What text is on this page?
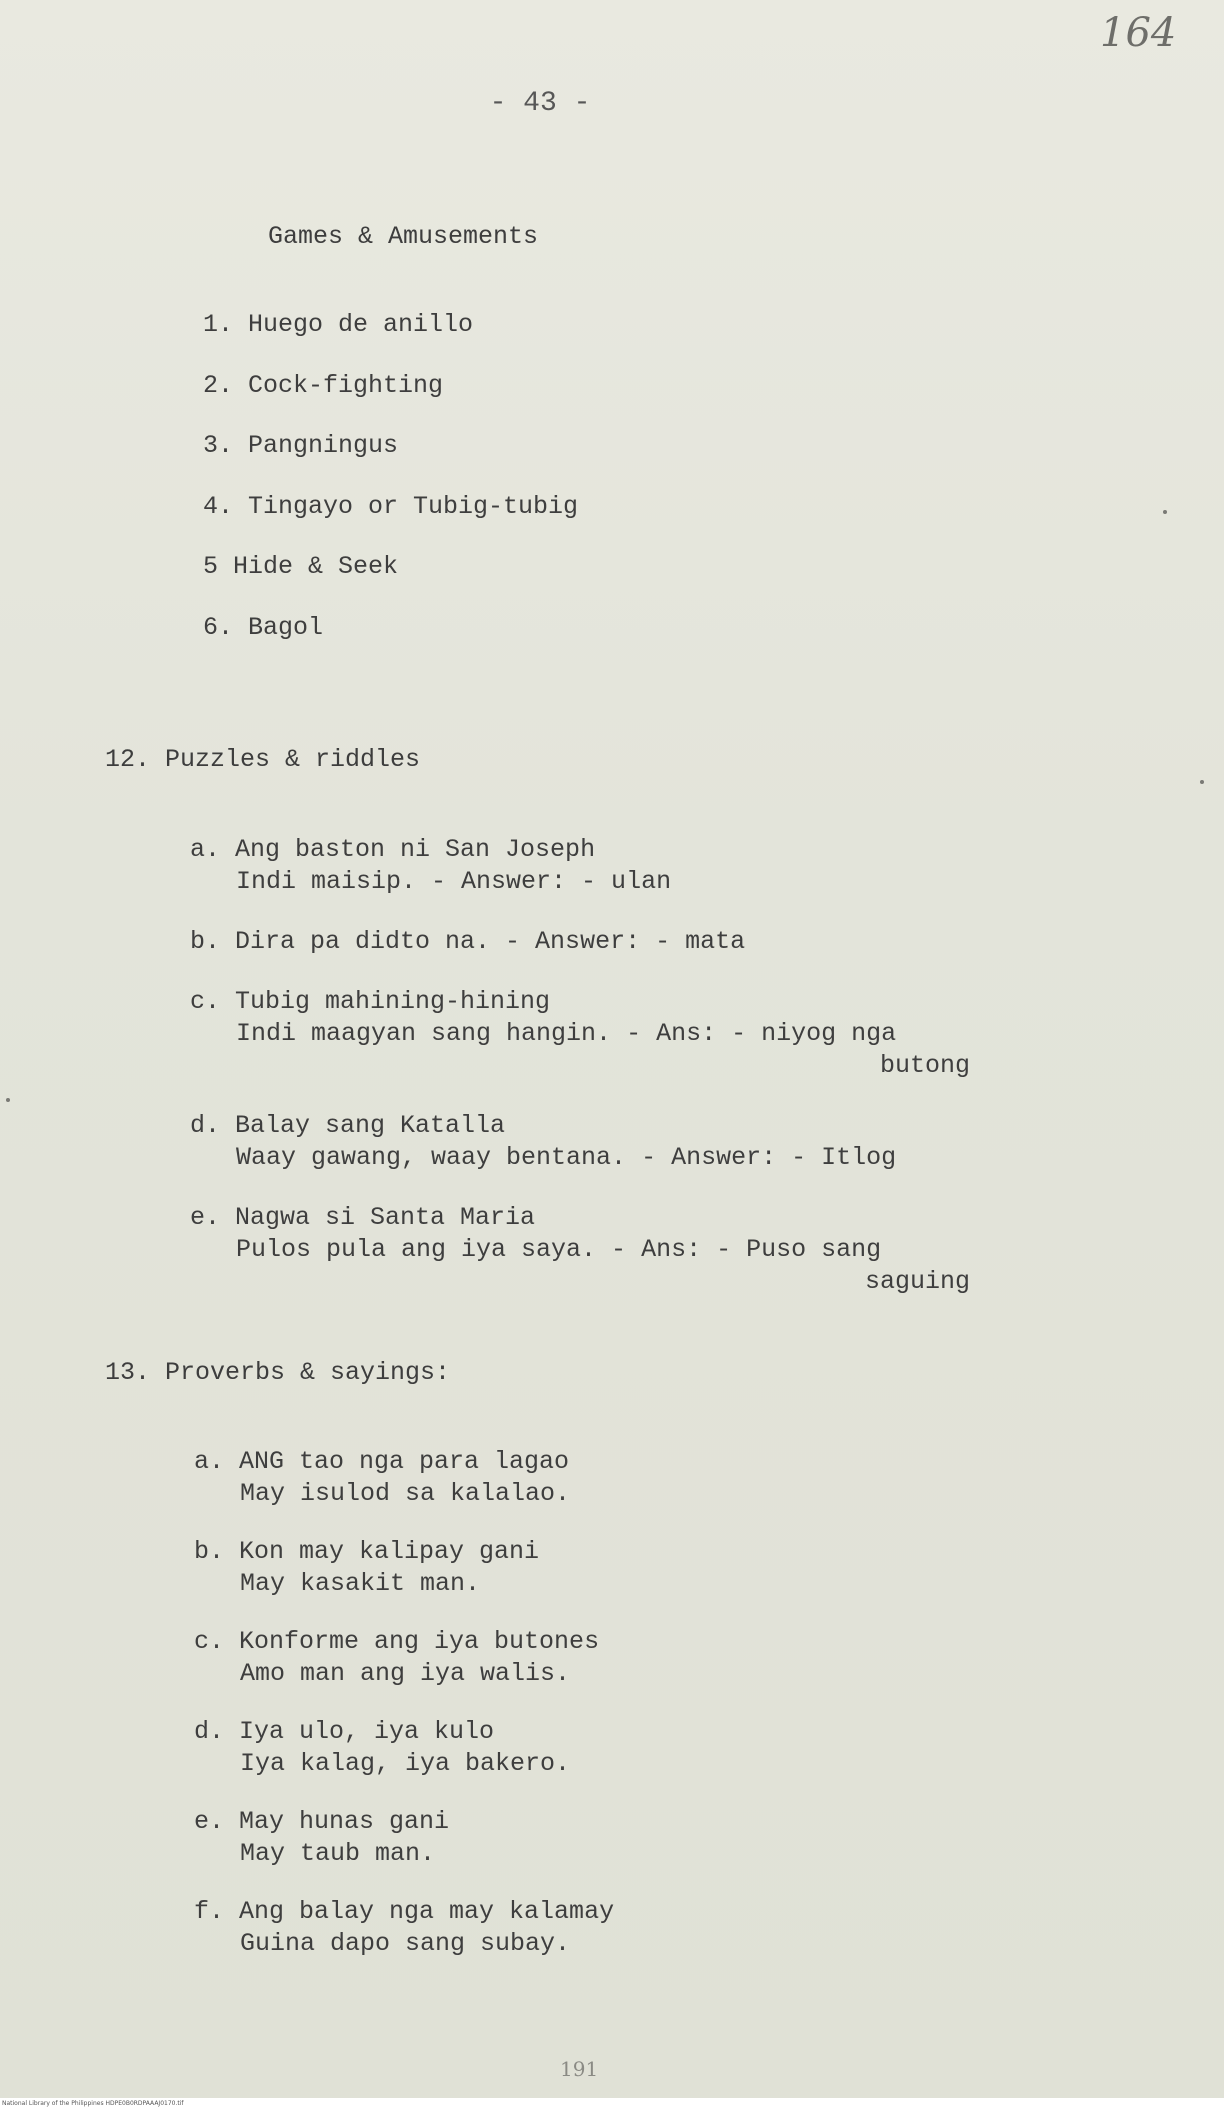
164
- 43 -
Games & Amusements
1. Huego de anillo
2. Cock-fighting
3. Pangningus
4. Tingayo or Tubig-tubig
5 Hide & Seek
6. Bagol
12. Puzzles & riddles
a. Ang baston ni San Joseph
Indi maisip. - Answer: - ulan
b. Dira pa didto na. - Answer: - mata
c. Tubig mahining-hining
Indi maagyan sang hangin. - Ans: - niyog nga
butong
d. Balay sang Katalla
Waay gawang, waay bentana. - Answer: - Itlog
e. Nagwa si Santa Maria
Pulos pula ang iya saya. - Ans: - Puso sang
saguing
13. Proverbs & sayings:
a. ANG tao nga para lagao
May isulod sa kalalao.
b. Kon may kalipay gani
May kasakit man.
c. Konforme ang iya butones
Amo man ang iya walis.
d. Iya ulo, iya kulo
Iya kalag, iya bakero.
e. May hunas gani
May taub man.
f. Ang balay nga may kalamay
Guina dapo sang subay.
191
National Library of the Philippines HDPE0B0RDPAAAJ0170.tif
